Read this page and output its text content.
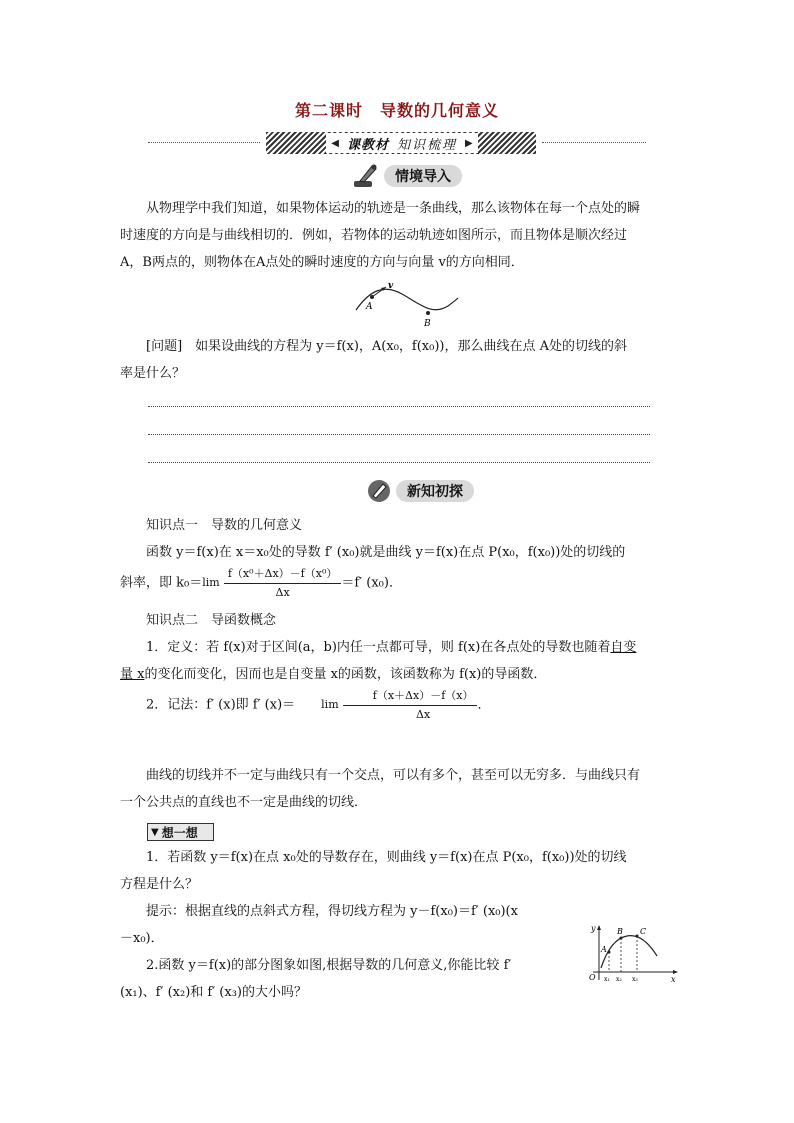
第二课时　导数的几何意义
◀ 课教材 知识梳理 ▶
情境导入

从物理学中我们知道，如果物体运动的轨迹是一条曲线，那么该物体在每一个点处的瞬

时速度的方向是与曲线相切的．例如，若物体的运动轨迹如图所示，而且物体是顺次经过

A，B两点的，则物体在A点处的瞬时速度的方向与向量 v的方向相同．

A
v
B

[问题]　如果设曲线的方程为 y＝f(x)，A(x₀，f(x₀))，那么曲线在点 A处的切线的斜

率是什么？

新知初探

知识点一　导数的几何意义

函数 y＝f(x)在 x＝x₀处的导数 f′ (x₀)就是曲线 y＝f(x)在点 P(x₀，f(x₀))处的切线的

斜率，即 $k_0=\lim \frac{\text{f（x⁰＋Δx）－f（x⁰）}}{\Delta x} =f'$ (x₀)．

知识点二　导函数概念

1．定义：若 f(x)对于区间(a，b)内任一点都可导，则 f(x)在各点处的导数也随着自变

量 x的变化而变化，因而也是自变量 x的函数，该函数称为 f(x)的导函数．

2．记法：f′ (x)即 f′ $(x)= \lim \frac{f(x+\Delta x)-f(x)}{\Delta x}$ ．

曲线的切线并不一定与曲线只有一个交点，可以有多个，甚至可以无穷多．与曲线只有

一个公共点的直线也不一定是曲线的切线．

▼ 想一想

1．若函数 y＝f(x)在点 x₀处的导数存在，则曲线 y＝f(x)在点 P(x₀，f(x₀))处的切线

方程是什么？

提示：根据直线的点斜式方程，得切线方程为 y－f(x₀)＝f′ (x₀)(x

－x₀)．

2.函数 y＝f(x)的部分图象如图,根据导数的几何意义,你能比较 f′

(x₁)、f′ (x₂)和 f′ (x₃)的大小吗？

y
x
O
A
B C
x₁ x₂ x₃
